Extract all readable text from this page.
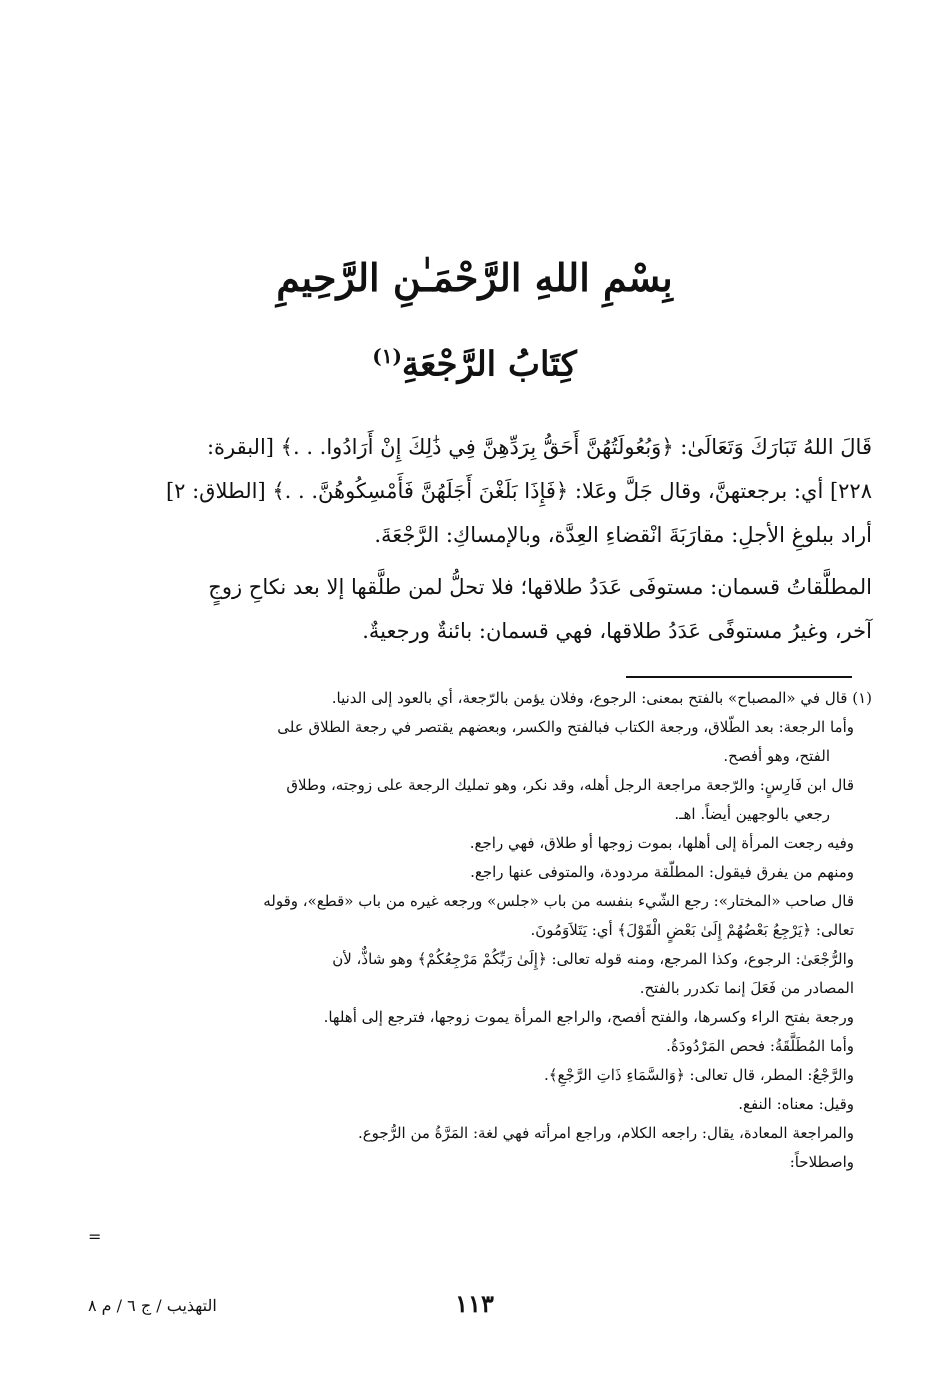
بِسْمِ اللهِ الرَّحْمَـٰنِ الرَّحِيمِ
كِتَابُ الرَّجْعَةِ$^{(١)}$

قَالَ اللهُ تَبَارَكَ وَتَعَالَىٰ: ﴿وَبُعُولَتُهُنَّ أَحَقُّ بِرَدِّهِنَّ فِي ذَٰلِكَ إِنْ أَرَادُوا. . .﴾ [البقرة:

٢٢٨] أي: برجعتهنَّ، وقال جَلَّ وعَلا: ﴿فَإِذَا بَلَغْنَ أَجَلَهُنَّ فَأَمْسِكُوهُنَّ. . .﴾ [الطلاق: ٢]

أراد ببلوغِ الأجلِ: مقارَبَةَ انْقضاءِ العِدَّة، وبالإمساكِ: الرَّجْعَةَ.

المطلَّقاتُ قسمان: مستوفَى عَدَدُ طلاقها؛ فلا تحلُّ لمن طلَّقها إلا بعد نكاحِ زوجٍ

آخر، وغيرُ مستوفًى عَدَدُ طلاقها، فهي قسمان: بائنةٌ ورجعيةٌ.

(١) قال في «المصباح» بالفتح بمعنى: الرجوع، وفلان يؤمن بالرّجعة، أي بالعود إلى الدنيا.

وأما الرجعة: بعد الطّلاق، ورجعة الكتاب فبالفتح والكسر، وبعضهم يقتصر في رجعة الطلاق على

الفتح، وهو أفصح.

قال ابن فَارِسٍ: والرّجعة مراجعة الرجل أهله، وقد نكر، وهو تمليك الرجعة على زوجته، وطلاق

رجعي بالوجهين أيضاً. اهـ.

وفيه رجعت المرأة إلى أهلها، بموت زوجها أو طلاق، فهي راجع.

ومنهم من يفرق فيقول: المطلّقة مردودة، والمتوفى عنها راجع.

قال صاحب «المختار»: رجع الشّيء بنفسه من باب «جلس» ورجعه غيره من باب «قطع»، وقوله

تعالى: ﴿يَرْجِعُ بَعْضُهُمْ إِلَىٰ بَعْضٍ الْقَوْلَ﴾ أي: يَتَلاَوَمُونَ.

والرُّجْعَىٰ: الرجوع، وكذا المرجع، ومنه قوله تعالى: ﴿إِلَىٰ رَبِّكُمْ مَرْجِعُكُمْ﴾ وهو شاذٌّ، لأن

المصادر من فَعَلَ إنما تكدرر بالفتح.

ورجعة بفتح الراء وكسرها، والفتح أفصح، والراجع المرأة يموت زوجها، فترجع إلى أهلها.

وأما المُطَلَّقَةُ: فحص المَرْدُودَةُ.

والرَّجْعُ: المطر، قال تعالى: ﴿وَالسَّمَاءِ ذَاتِ الرَّجْعِ﴾.

وقيل: معناه: النفع.

والمراجعة المعادة، يقال: راجعه الكلام، وراجع امرأته فهي لغة: المَرَّةُ من الرُّجوع.

واصطلاحاً:

=
١١٣
التهذيب / ج ٦ / م ٨
